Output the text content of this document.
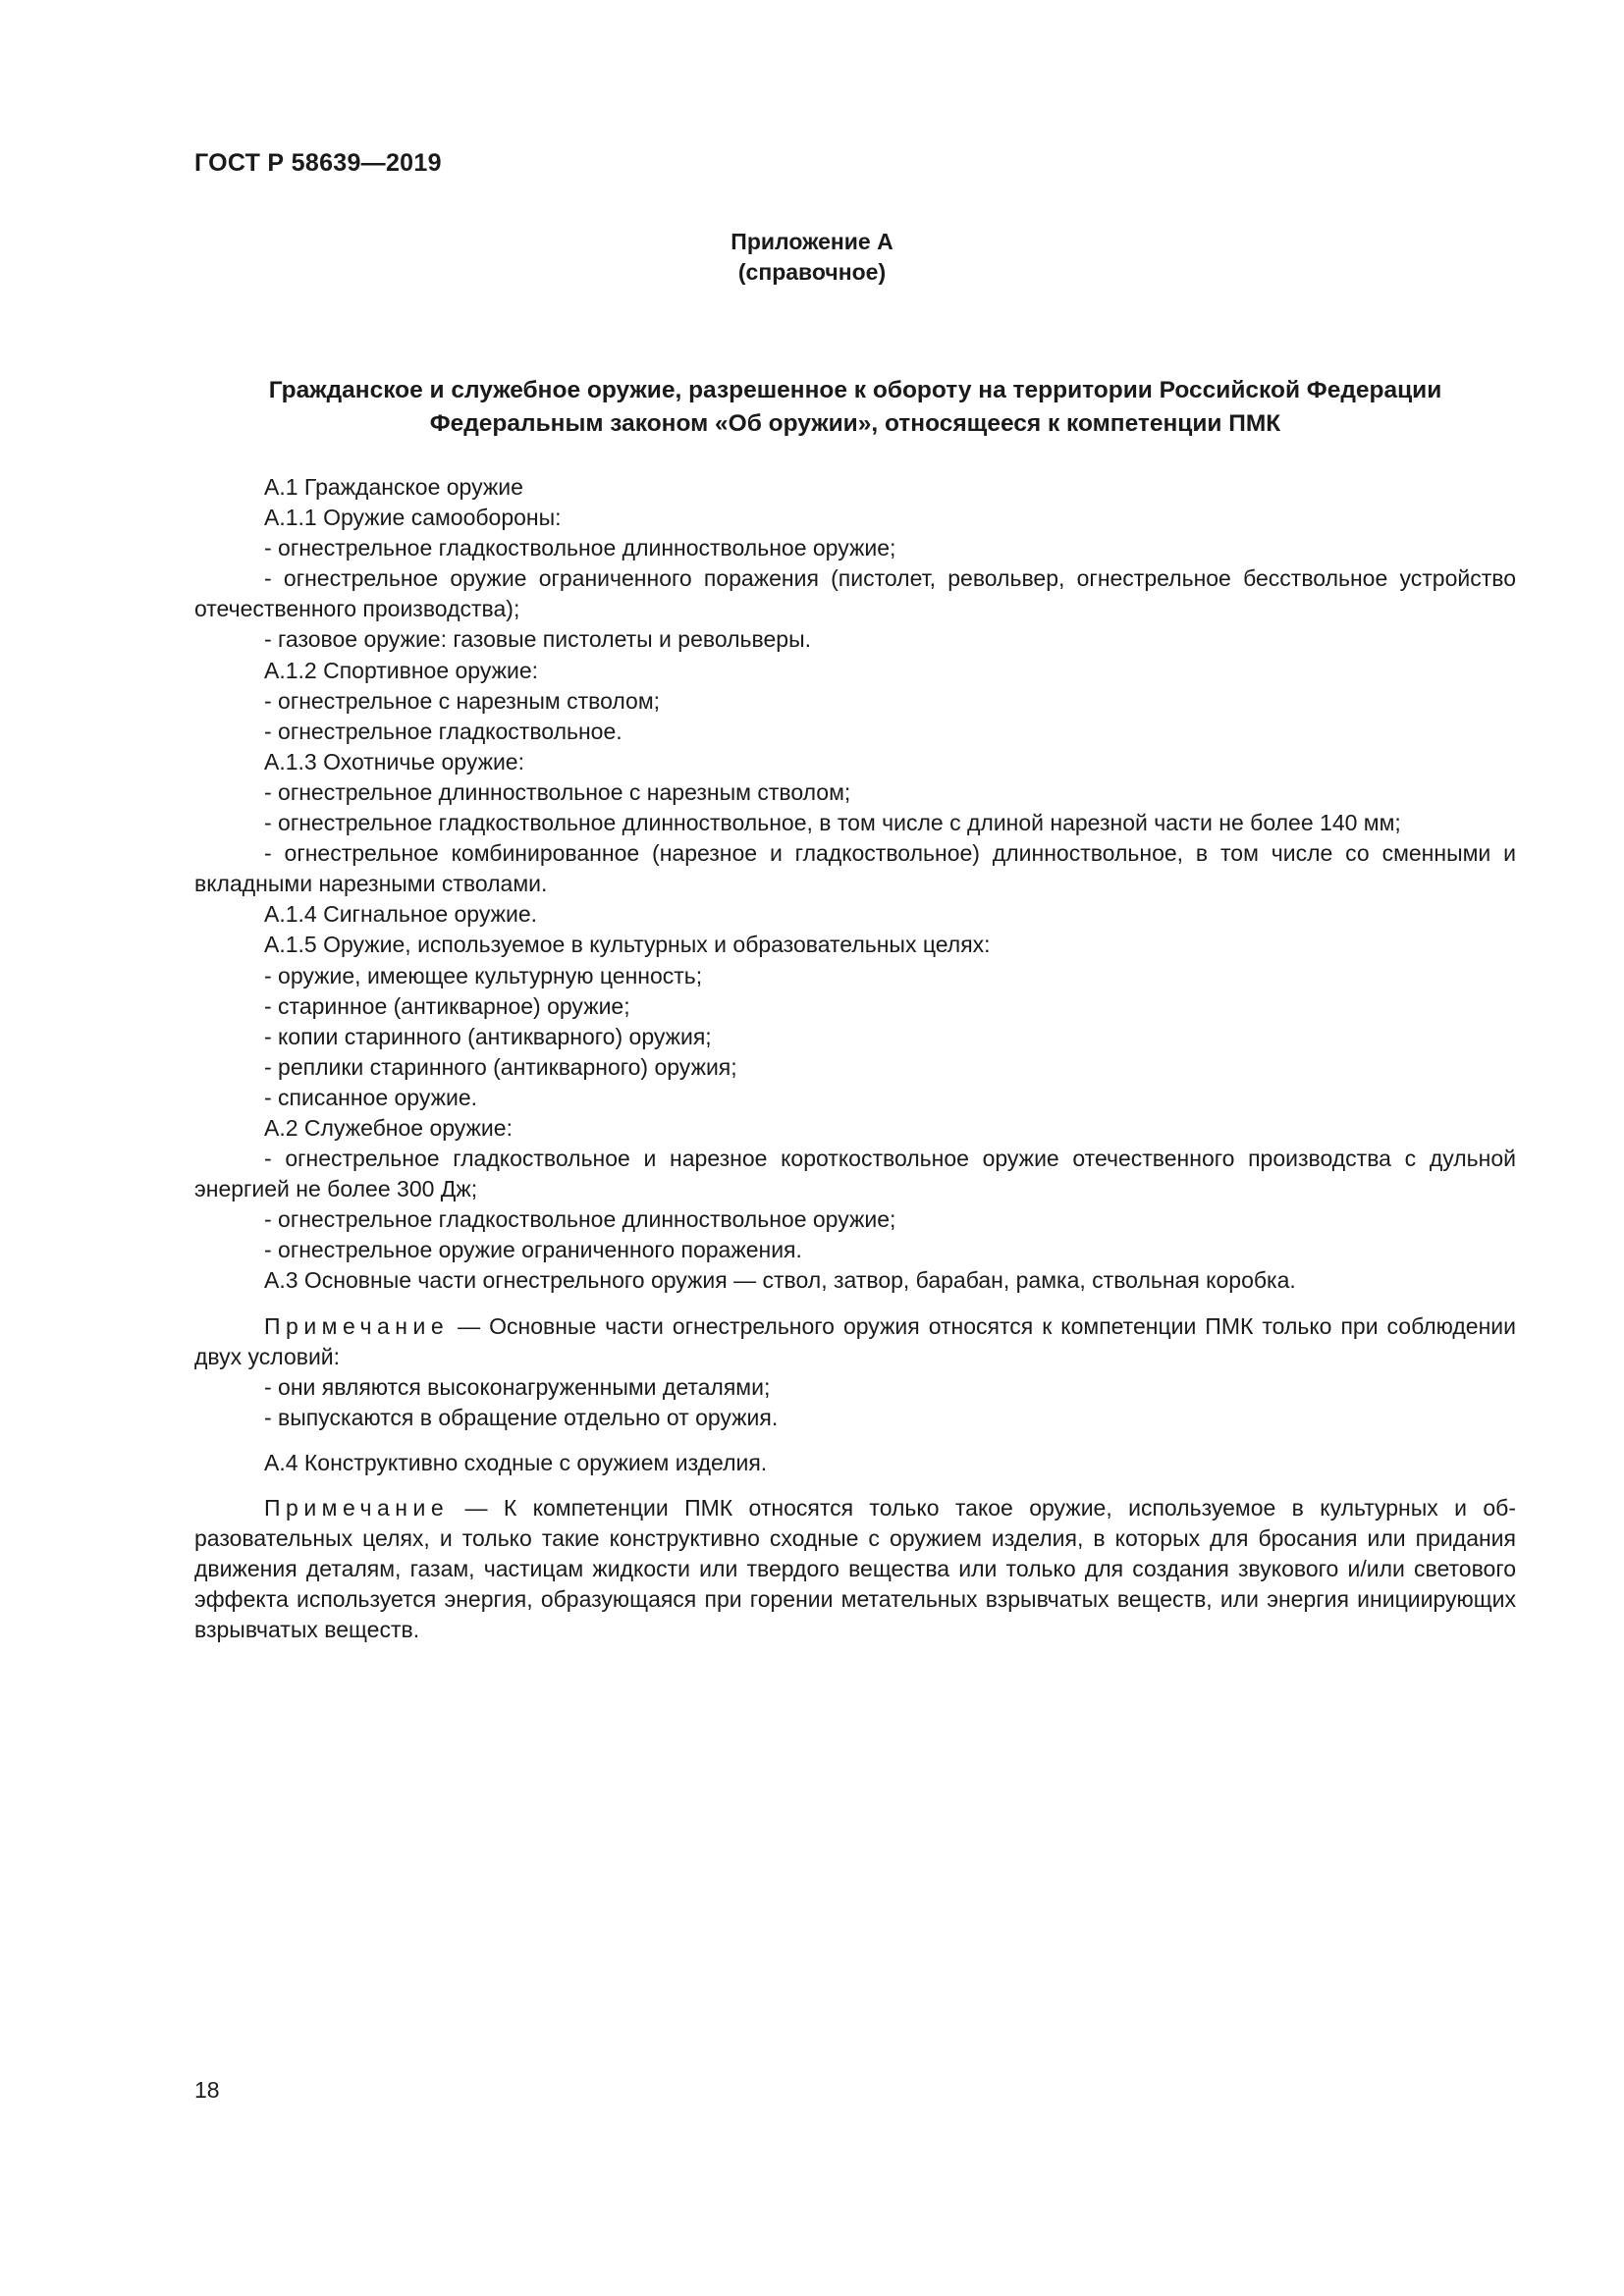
ГОСТ Р 58639—2019
Приложение А
(справочное)
Гражданское и служебное оружие, разрешенное к обороту на территории Российской Федерации Федеральным законом «Об оружии», относящееся к компетенции ПМК

А.1 Гражданское оружие

А.1.1 Оружие самообороны:

- огнестрельное гладкоствольное длинноствольное оружие;

- огнестрельное оружие ограниченного поражения (пистолет, револьвер, огнестрельное бесствольное устройство отечественного производства);

- газовое оружие: газовые пистолеты и револьверы.

А.1.2 Спортивное оружие:

- огнестрельное с нарезным стволом;

- огнестрельное гладкоствольное.

А.1.3 Охотничье оружие:

- огнестрельное длинноствольное с нарезным стволом;

- огнестрельное гладкоствольное длинноствольное, в том числе с длиной нарезной части не более 140 мм;

- огнестрельное комбинированное (нарезное и гладкоствольное) длинноствольное, в том числе со сменными и вкладными нарезными стволами.

А.1.4 Сигнальное оружие.

А.1.5 Оружие, используемое в культурных и образовательных целях:

- оружие, имеющее культурную ценность;

- старинное (антикварное) оружие;

- копии старинного (антикварного) оружия;

- реплики старинного (антикварного) оружия;

- списанное оружие.

А.2 Служебное оружие:

- огнестрельное гладкоствольное и нарезное короткоствольное оружие отечественного производства с дульной энергией не более 300 Дж;

- огнестрельное гладкоствольное длинноствольное оружие;

- огнестрельное оружие ограниченного поражения.

А.3 Основные части огнестрельного оружия — ствол, затвор, барабан, рамка, ствольная коробка.

Примечание — Основные части огнестрельного оружия относятся к компетенции ПМК только при соблюдении двух условий:

- они являются высоконагруженными деталями;

- выпускаются в обращение отдельно от оружия.

А.4 Конструктивно сходные с оружием изделия.

Примечание — К компетенции ПМК относятся только такое оружие, используемое в культурных и образовательных целях, и только такие конструктивно сходные с оружием изделия, в которых для бросания или придания движения деталям, газам, частицам жидкости или твердого вещества или только для создания звукового и/или светового эффекта используется энергия, образующаяся при горении метательных взрывчатых веществ, или энергия инициирующих взрывчатых веществ.

18
